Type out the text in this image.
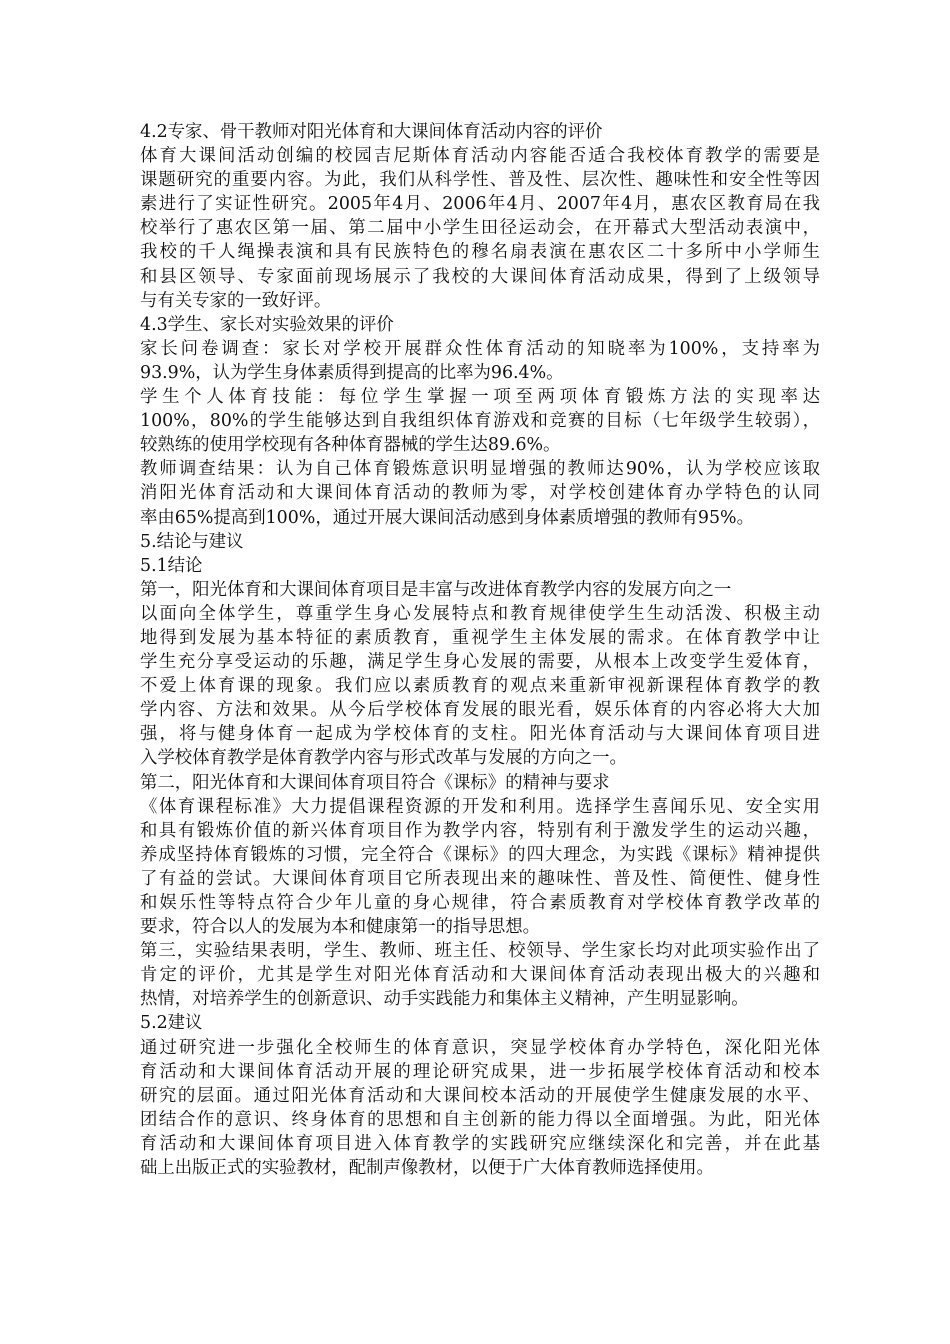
4.2专家、骨干教师对阳光体育和大课间体育活动内容的评价
体育大课间活动创编的校园吉尼斯体育活动内容能否适合我校体育教学的需要是
课题研究的重要内容。为此，我们从科学性、普及性、层次性、趣味性和安全性等因
素进行了实证性研究。2005年4月、2006年4月、2007年4月，惠农区教育局在我
校举行了惠农区第一届、第二届中小学生田径运动会，在开幕式大型活动表演中，
我校的千人绳操表演和具有民族特色的穆名扇表演在惠农区二十多所中小学师生
和县区领导、专家面前现场展示了我校的大课间体育活动成果，得到了上级领导
与有关专家的一致好评。
4.3学生、家长对实验效果的评价
家长问卷调查：家长对学校开展群众性体育活动的知晓率为100%，支持率为
93.9%，认为学生身体素质得到提高的比率为96.4%。
学生个人体育技能：每位学生掌握一项至两项体育锻炼方法的实现率达
100%，80%的学生能够达到自我组织体育游戏和竞赛的目标（七年级学生较弱），
较熟练的使用学校现有各种体育器械的学生达89.6%。
教师调查结果：认为自己体育锻炼意识明显增强的教师达90%，认为学校应该取
消阳光体育活动和大课间体育活动的教师为零，对学校创建体育办学特色的认同
率由65%提高到100%，通过开展大课间活动感到身体素质增强的教师有95%。
5.结论与建议
5.1结论
第一，阳光体育和大课间体育项目是丰富与改进体育教学内容的发展方向之一
以面向全体学生，尊重学生身心发展特点和教育规律使学生生动活泼、积极主动
地得到发展为基本特征的素质教育，重视学生主体发展的需求。在体育教学中让
学生充分享受运动的乐趣，满足学生身心发展的需要，从根本上改变学生爱体育，
不爱上体育课的现象。我们应以素质教育的观点来重新审视新课程体育教学的教
学内容、方法和效果。从今后学校体育发展的眼光看，娱乐体育的内容必将大大加
强，将与健身体育一起成为学校体育的支柱。阳光体育活动与大课间体育项目进
入学校体育教学是体育教学内容与形式改革与发展的方向之一。
第二，阳光体育和大课间体育项目符合《课标》的精神与要求
《体育课程标准》大力提倡课程资源的开发和利用。选择学生喜闻乐见、安全实用
和具有锻炼价值的新兴体育项目作为教学内容，特别有利于激发学生的运动兴趣，
养成坚持体育锻炼的习惯，完全符合《课标》的四大理念，为实践《课标》精神提供
了有益的尝试。大课间体育项目它所表现出来的趣味性、普及性、简便性、健身性
和娱乐性等特点符合少年儿童的身心规律，符合素质教育对学校体育教学改革的
要求，符合以人的发展为本和健康第一的指导思想。
第三，实验结果表明，学生、教师、班主任、校领导、学生家长均对此项实验作出了
肯定的评价，尤其是学生对阳光体育活动和大课间体育活动表现出极大的兴趣和
热情，对培养学生的创新意识、动手实践能力和集体主义精神，产生明显影响。
5.2建议
通过研究进一步强化全校师生的体育意识，突显学校体育办学特色，深化阳光体
育活动和大课间体育活动开展的理论研究成果，进一步拓展学校体育活动和校本
研究的层面。通过阳光体育活动和大课间校本活动的开展使学生健康发展的水平、
团结合作的意识、终身体育的思想和自主创新的能力得以全面增强。为此，阳光体
育活动和大课间体育项目进入体育教学的实践研究应继续深化和完善，并在此基
础上出版正式的实验教材，配制声像教材，以便于广大体育教师选择使用。
